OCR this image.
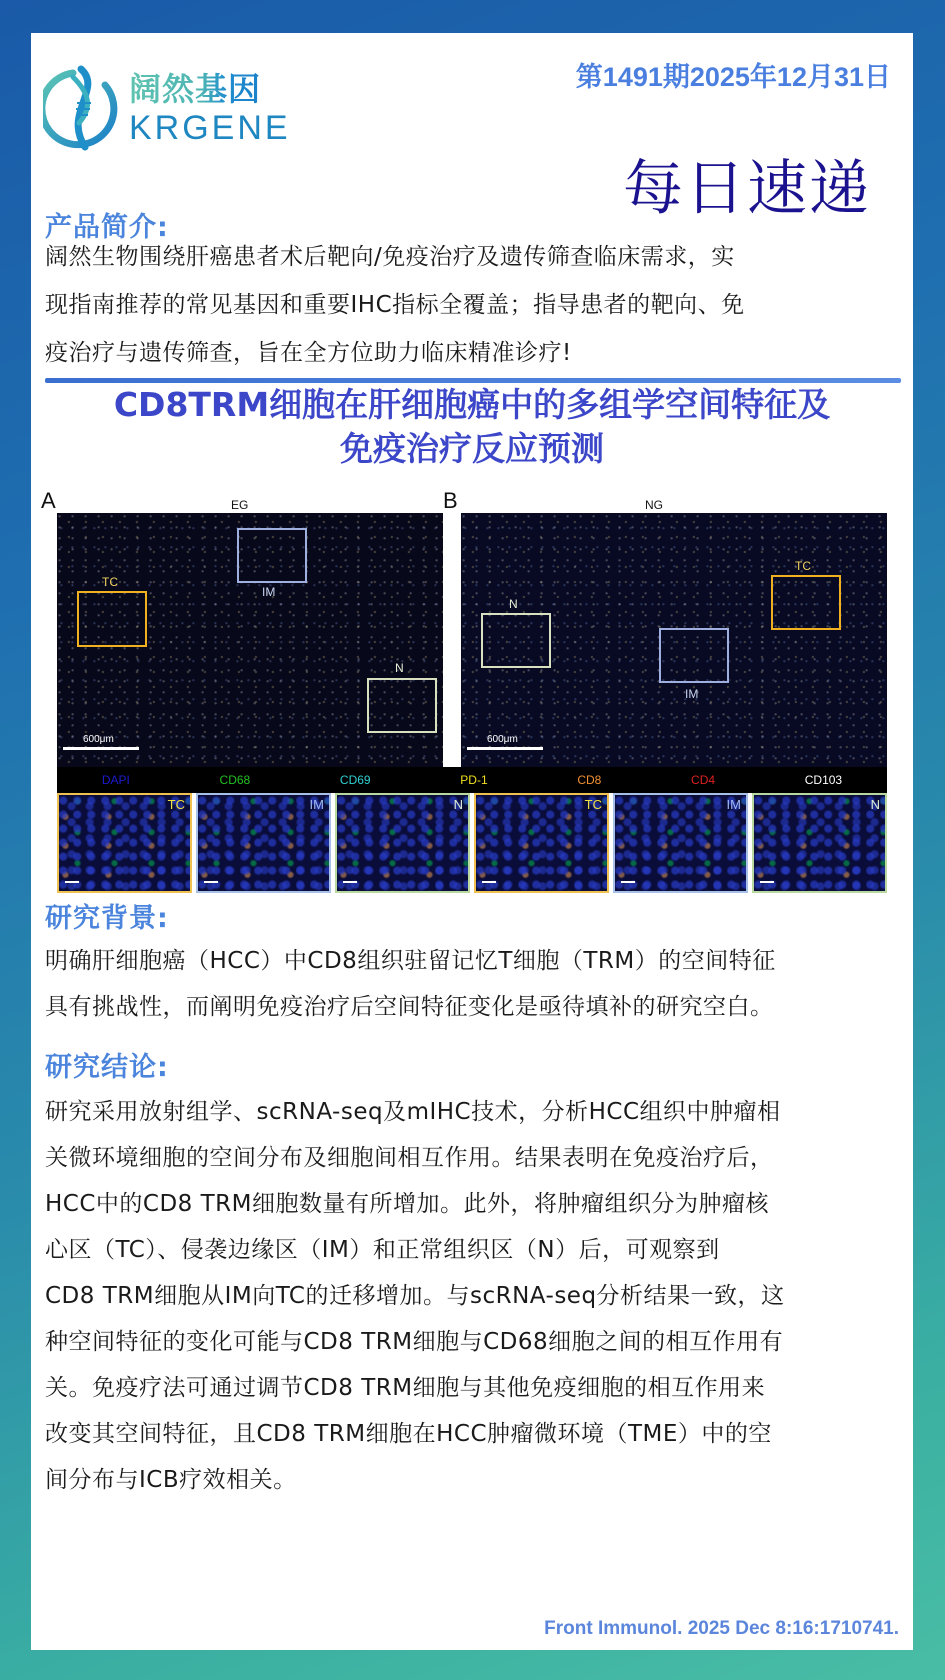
阔然基因
KRGENE
第1491期2025年12月31日
每日速递
产品简介:

阔然生物围绕肝癌患者术后靶向/免疫治疗及遗传筛查临床需求，实

现指南推荐的常见基因和重要IHC指标全覆盖；指导患者的靶向、免

疫治疗与遗传筛查，旨在全方位助力临床精准诊疗!

CD8TRM细胞在肝细胞癌中的多组学空间特征及
免疫治疗反应预测
A	EG
TC
IM
N
600μm
B	NG
N
IM
TC
600μm
DAPI	CD68	CD69	PD-1	CD8	CD4	CD103
TC	IM	N	TC	IM	N
研究背景:

明确肝细胞癌（HCC）中CD8组织驻留记忆T细胞（TRM）的空间特征

具有挑战性，而阐明免疫治疗后空间特征变化是亟待填补的研究空白。

研究结论:

研究采用放射组学、scRNA-seq及mIHC技术，分析HCC组织中肿瘤相

关微环境细胞的空间分布及细胞间相互作用。结果表明在免疫治疗后，

HCC中的CD8 TRM细胞数量有所增加。此外，将肿瘤组织分为肿瘤核

心区（TC）、侵袭边缘区（IM）和正常组织区（N）后，可观察到

CD8 TRM细胞从IM向TC的迁移增加。与scRNA-seq分析结果一致，这

种空间特征的变化可能与CD8 TRM细胞与CD68细胞之间的相互作用有

关。免疫疗法可通过调节CD8 TRM细胞与其他免疫细胞的相互作用来

改变其空间特征，且CD8 TRM细胞在HCC肿瘤微环境（TME）中的空

间分布与ICB疗效相关。

Front Immunol. 2025 Dec 8:16:1710741.
